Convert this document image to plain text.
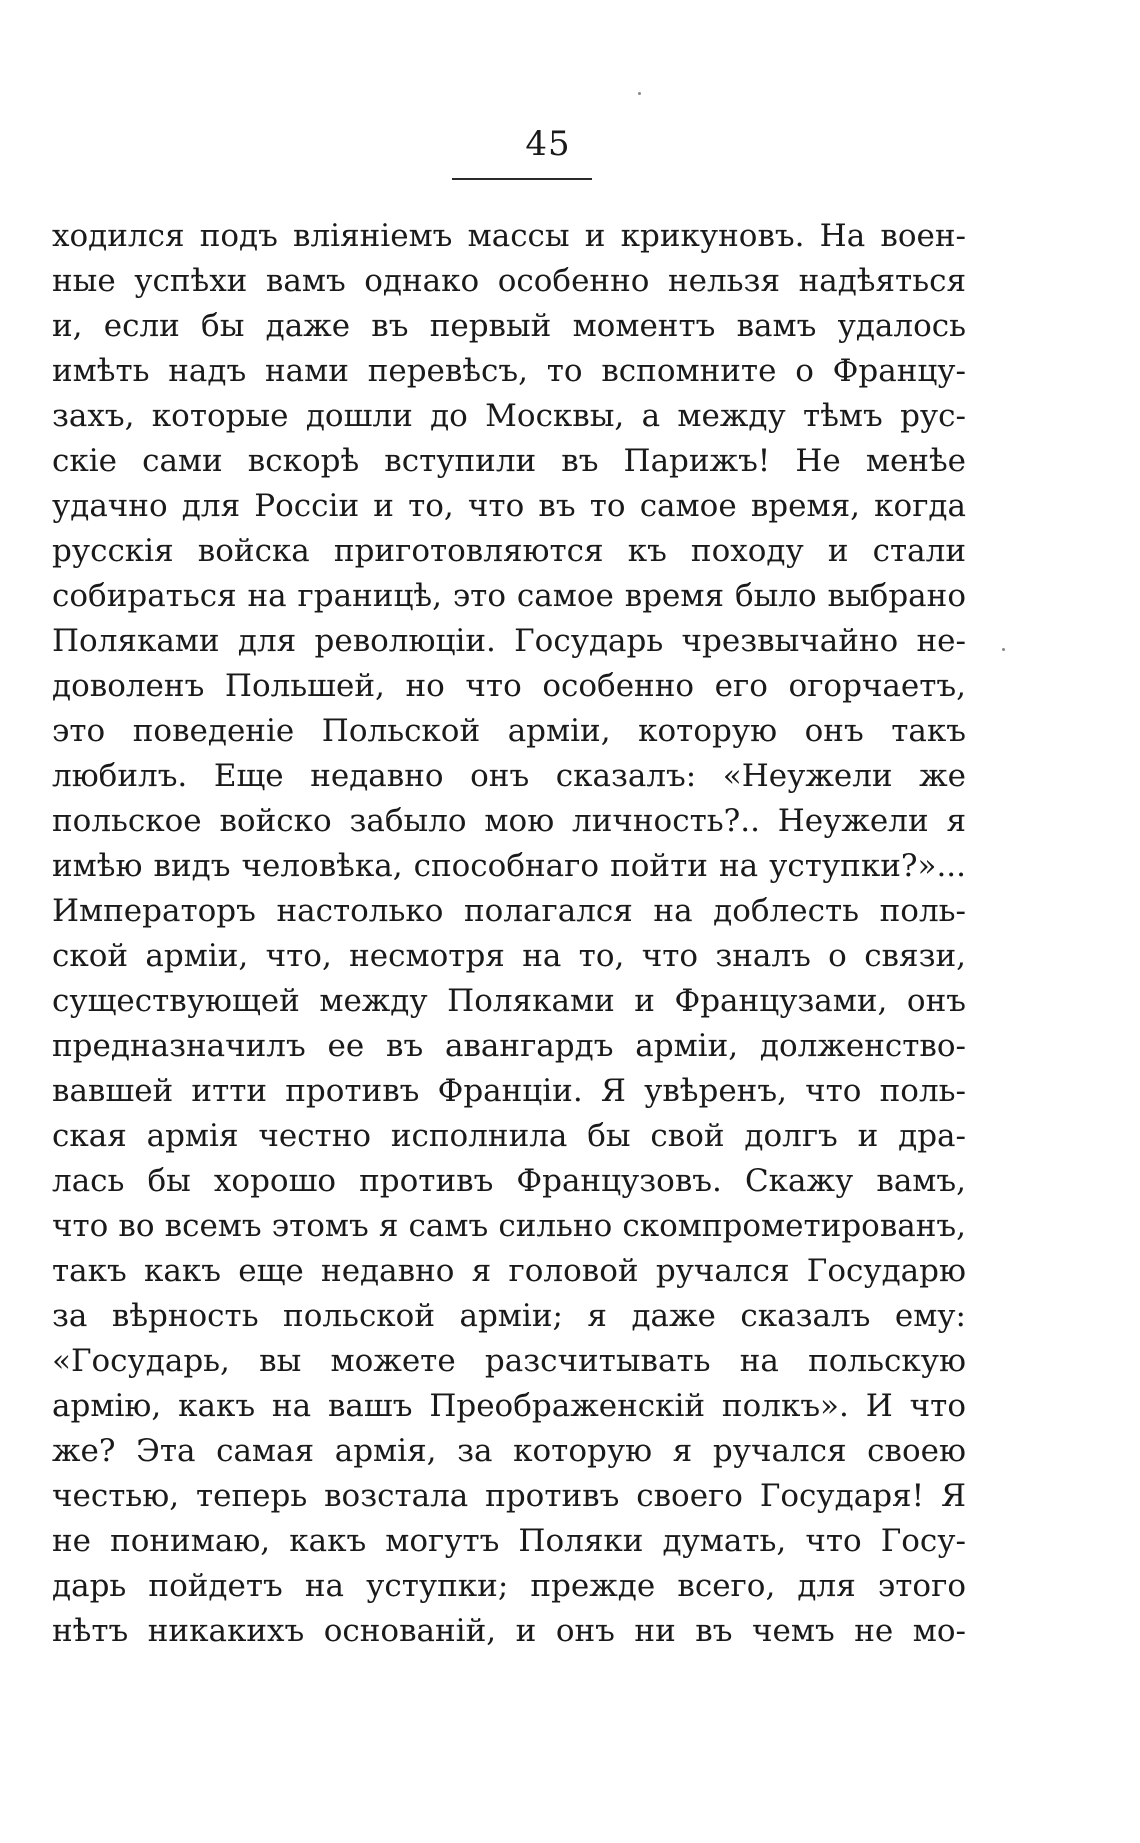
45
ходился подъ вліяніемъ массы и крикуновъ. На воен-
ные успѣхи вамъ однако особенно нельзя надѣяться
и, если бы даже въ первый моментъ вамъ удалось
имѣть надъ нами перевѣсъ, то вспомните о Францу-
захъ, которые дошли до Москвы, а между тѣмъ рус-
скіе сами вскорѣ вступили въ Парижъ! Не менѣе
удачно для Россіи и то, что въ то самое время, когда
русскія войска приготовляются къ походу и стали
собираться на границѣ, это самое время было выбрано
Поляками для революціи. Государь чрезвычайно не-
доволенъ Польшей, но что особенно его огорчаетъ,
это поведеніе Польской арміи, которую онъ такъ
любилъ. Еще недавно онъ сказалъ: «Неужели же
польское войско забыло мою личность?.. Неужели я
имѣю видъ человѣка, способнаго пойти на уступки?»...
Императоръ настолько полагался на доблесть поль-
ской арміи, что, несмотря на то, что зналъ о связи,
существующей между Поляками и Французами, онъ
предназначилъ ее въ авангардъ арміи, долженство-
вавшей итти противъ Франціи. Я увѣренъ, что поль-
ская армія честно исполнила бы свой долгъ и дра-
лась бы хорошо противъ Французовъ. Скажу вамъ,
что во всемъ этомъ я самъ сильно скомпрометированъ,
такъ какъ еще недавно я головой ручался Государю
за вѣрность польской арміи; я даже сказалъ ему:
«Государь, вы можете разсчитывать на польскую
армію, какъ на вашъ Преображенскій полкъ». И что
же? Эта самая армія, за которую я ручался своею
честью, теперь возстала противъ своего Государя! Я
не понимаю, какъ могутъ Поляки думать, что Госу-
дарь пойдетъ на уступки; прежде всего, для этого
нѣтъ никакихъ основаній, и онъ ни въ чемъ не мо-
